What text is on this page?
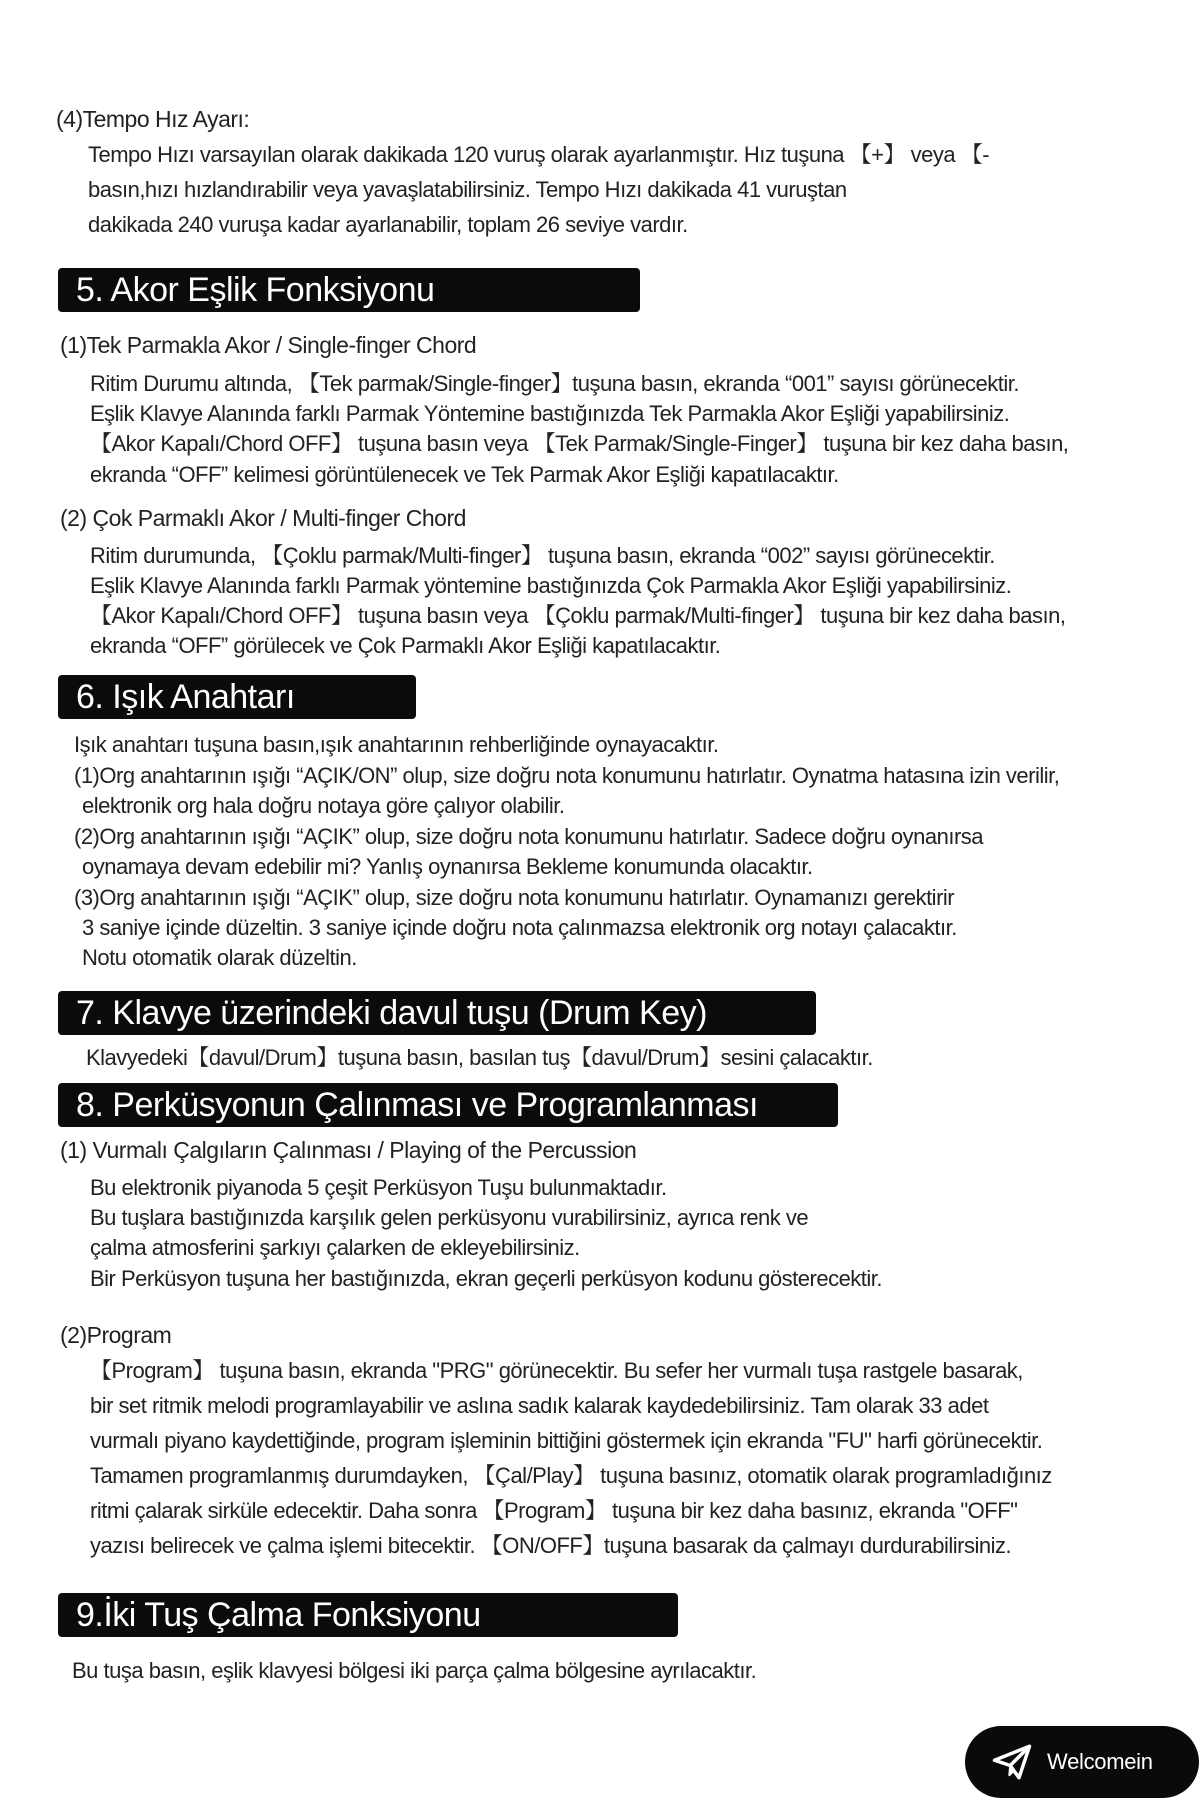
(4)Tempo Hız Ayarı:
Tempo Hızı varsayılan olarak dakikada 120 vuruş olarak ayarlanmıştır. Hız tuşuna 【+】 veya 【-
basın,hızı hızlandırabilir veya yavaşlatabilirsiniz. Tempo Hızı dakikada 41 vuruştan
dakikada 240 vuruşa kadar ayarlanabilir, toplam 26 seviye vardır.
5. Akor Eşlik Fonksiyonu
(1)Tek Parmakla Akor / Single-finger Chord
Ritim Durumu altında, 【Tek parmak/Single-finger】tuşuna basın, ekranda “001” sayısı görünecektir.
Eşlik Klavye Alanında farklı Parmak Yöntemine bastığınızda Tek Parmakla Akor Eşliği yapabilirsiniz.
【Akor Kapalı/Chord OFF】 tuşuna basın veya 【Tek Parmak/Single-Finger】 tuşuna bir kez daha basın,
ekranda “OFF” kelimesi görüntülenecek ve Tek Parmak Akor Eşliği kapatılacaktır.
(2) Çok Parmaklı Akor / Multi-finger Chord
Ritim durumunda, 【Çoklu parmak/Multi-finger】 tuşuna basın, ekranda “002” sayısı görünecektir.
Eşlik Klavye Alanında farklı Parmak yöntemine bastığınızda Çok Parmakla Akor Eşliği yapabilirsiniz.
【Akor Kapalı/Chord OFF】 tuşuna basın veya 【Çoklu parmak/Multi-finger】 tuşuna bir kez daha basın,
ekranda “OFF” görülecek ve Çok Parmaklı Akor Eşliği kapatılacaktır.
6. Işık Anahtarı
Işık anahtarı tuşuna basın,ışık anahtarının rehberliğinde oynayacaktır.
(1)Org anahtarının ışığı “AÇIK/ON” olup, size doğru nota konumunu hatırlatır. Oynatma hatasına izin verilir,
elektronik org hala doğru notaya göre çalıyor olabilir.
(2)Org anahtarının ışığı “AÇIK” olup, size doğru nota konumunu hatırlatır. Sadece doğru oynanırsa
oynamaya devam edebilir mi? Yanlış oynanırsa Bekleme konumunda olacaktır.
(3)Org anahtarının ışığı “AÇIK” olup, size doğru nota konumunu hatırlatır. Oynamanızı gerektirir
3 saniye içinde düzeltin. 3 saniye içinde doğru nota çalınmazsa elektronik org notayı çalacaktır.
Notu otomatik olarak düzeltin.
7. Klavye üzerindeki davul tuşu (Drum Key)
Klavyedeki【davul/Drum】tuşuna basın, basılan tuş【davul/Drum】sesini çalacaktır.
8. Perküsyonun Çalınması ve Programlanması
(1) Vurmalı Çalgıların Çalınması / Playing of the Percussion
Bu elektronik piyanoda 5 çeşit Perküsyon Tuşu bulunmaktadır.
Bu tuşlara bastığınızda karşılık gelen perküsyonu vurabilirsiniz, ayrıca renk ve
çalma atmosferini şarkıyı çalarken de ekleyebilirsiniz.
Bir Perküsyon tuşuna her bastığınızda, ekran geçerli perküsyon kodunu gösterecektir.
(2)Program
【Program】 tuşuna basın, ekranda "PRG" görünecektir. Bu sefer her vurmalı tuşa rastgele basarak,
bir set ritmik melodi programlayabilir ve aslına sadık kalarak kaydedebilirsiniz. Tam olarak 33 adet
vurmalı piyano kaydettiğinde, program işleminin bittiğini göstermek için ekranda "FU" harfi görünecektir.
Tamamen programlanmış durumdayken, 【Çal/Play】 tuşuna basınız, otomatik olarak programladığınız
ritmi çalarak sirküle edecektir. Daha sonra 【Program】 tuşuna bir kez daha basınız, ekranda "OFF"
yazısı belirecek ve çalma işlemi bitecektir. 【ON/OFF】tuşuna basarak da çalmayı durdurabilirsiniz.
9.İki Tuş Çalma Fonksiyonu
Bu tuşa basın, eşlik klavyesi bölgesi iki parça çalma bölgesine ayrılacaktır.
Welcomein
